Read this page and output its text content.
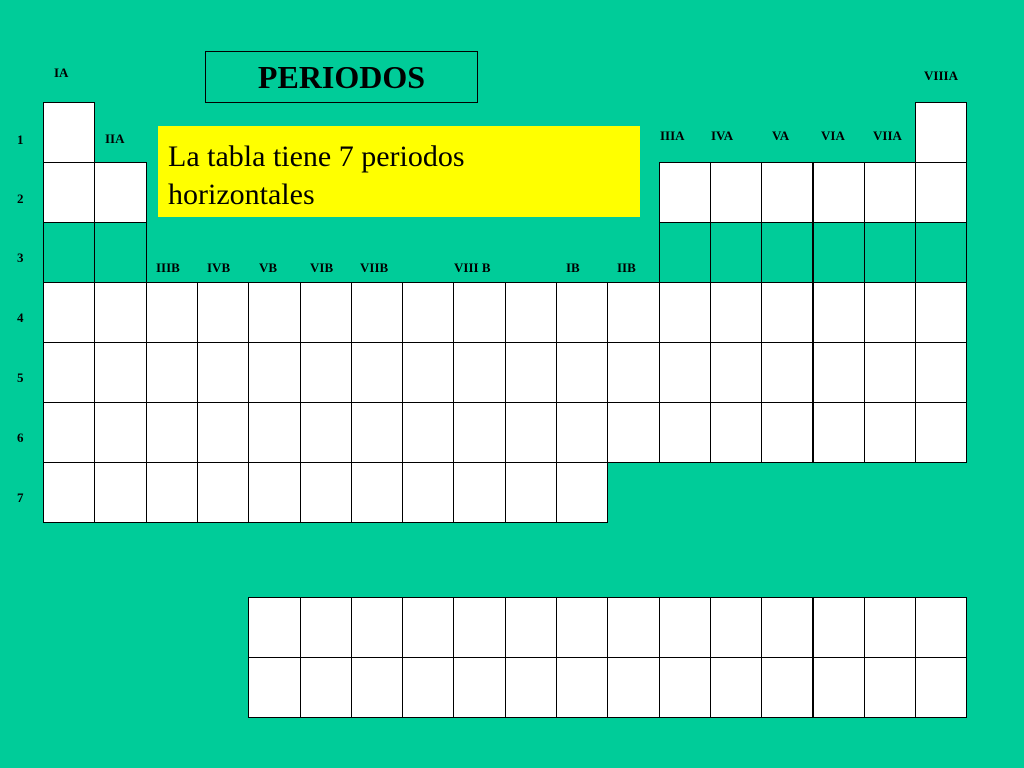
PERIODOS
IA
IIA	IIIA IVA	VA VIA VIIA
VIIIA
IIIB IVB VB	VIB VIIB	VIII B	IB	IIB
1
2
3
4
5
6
7
La tabla tiene 7 periodos
horizontales
